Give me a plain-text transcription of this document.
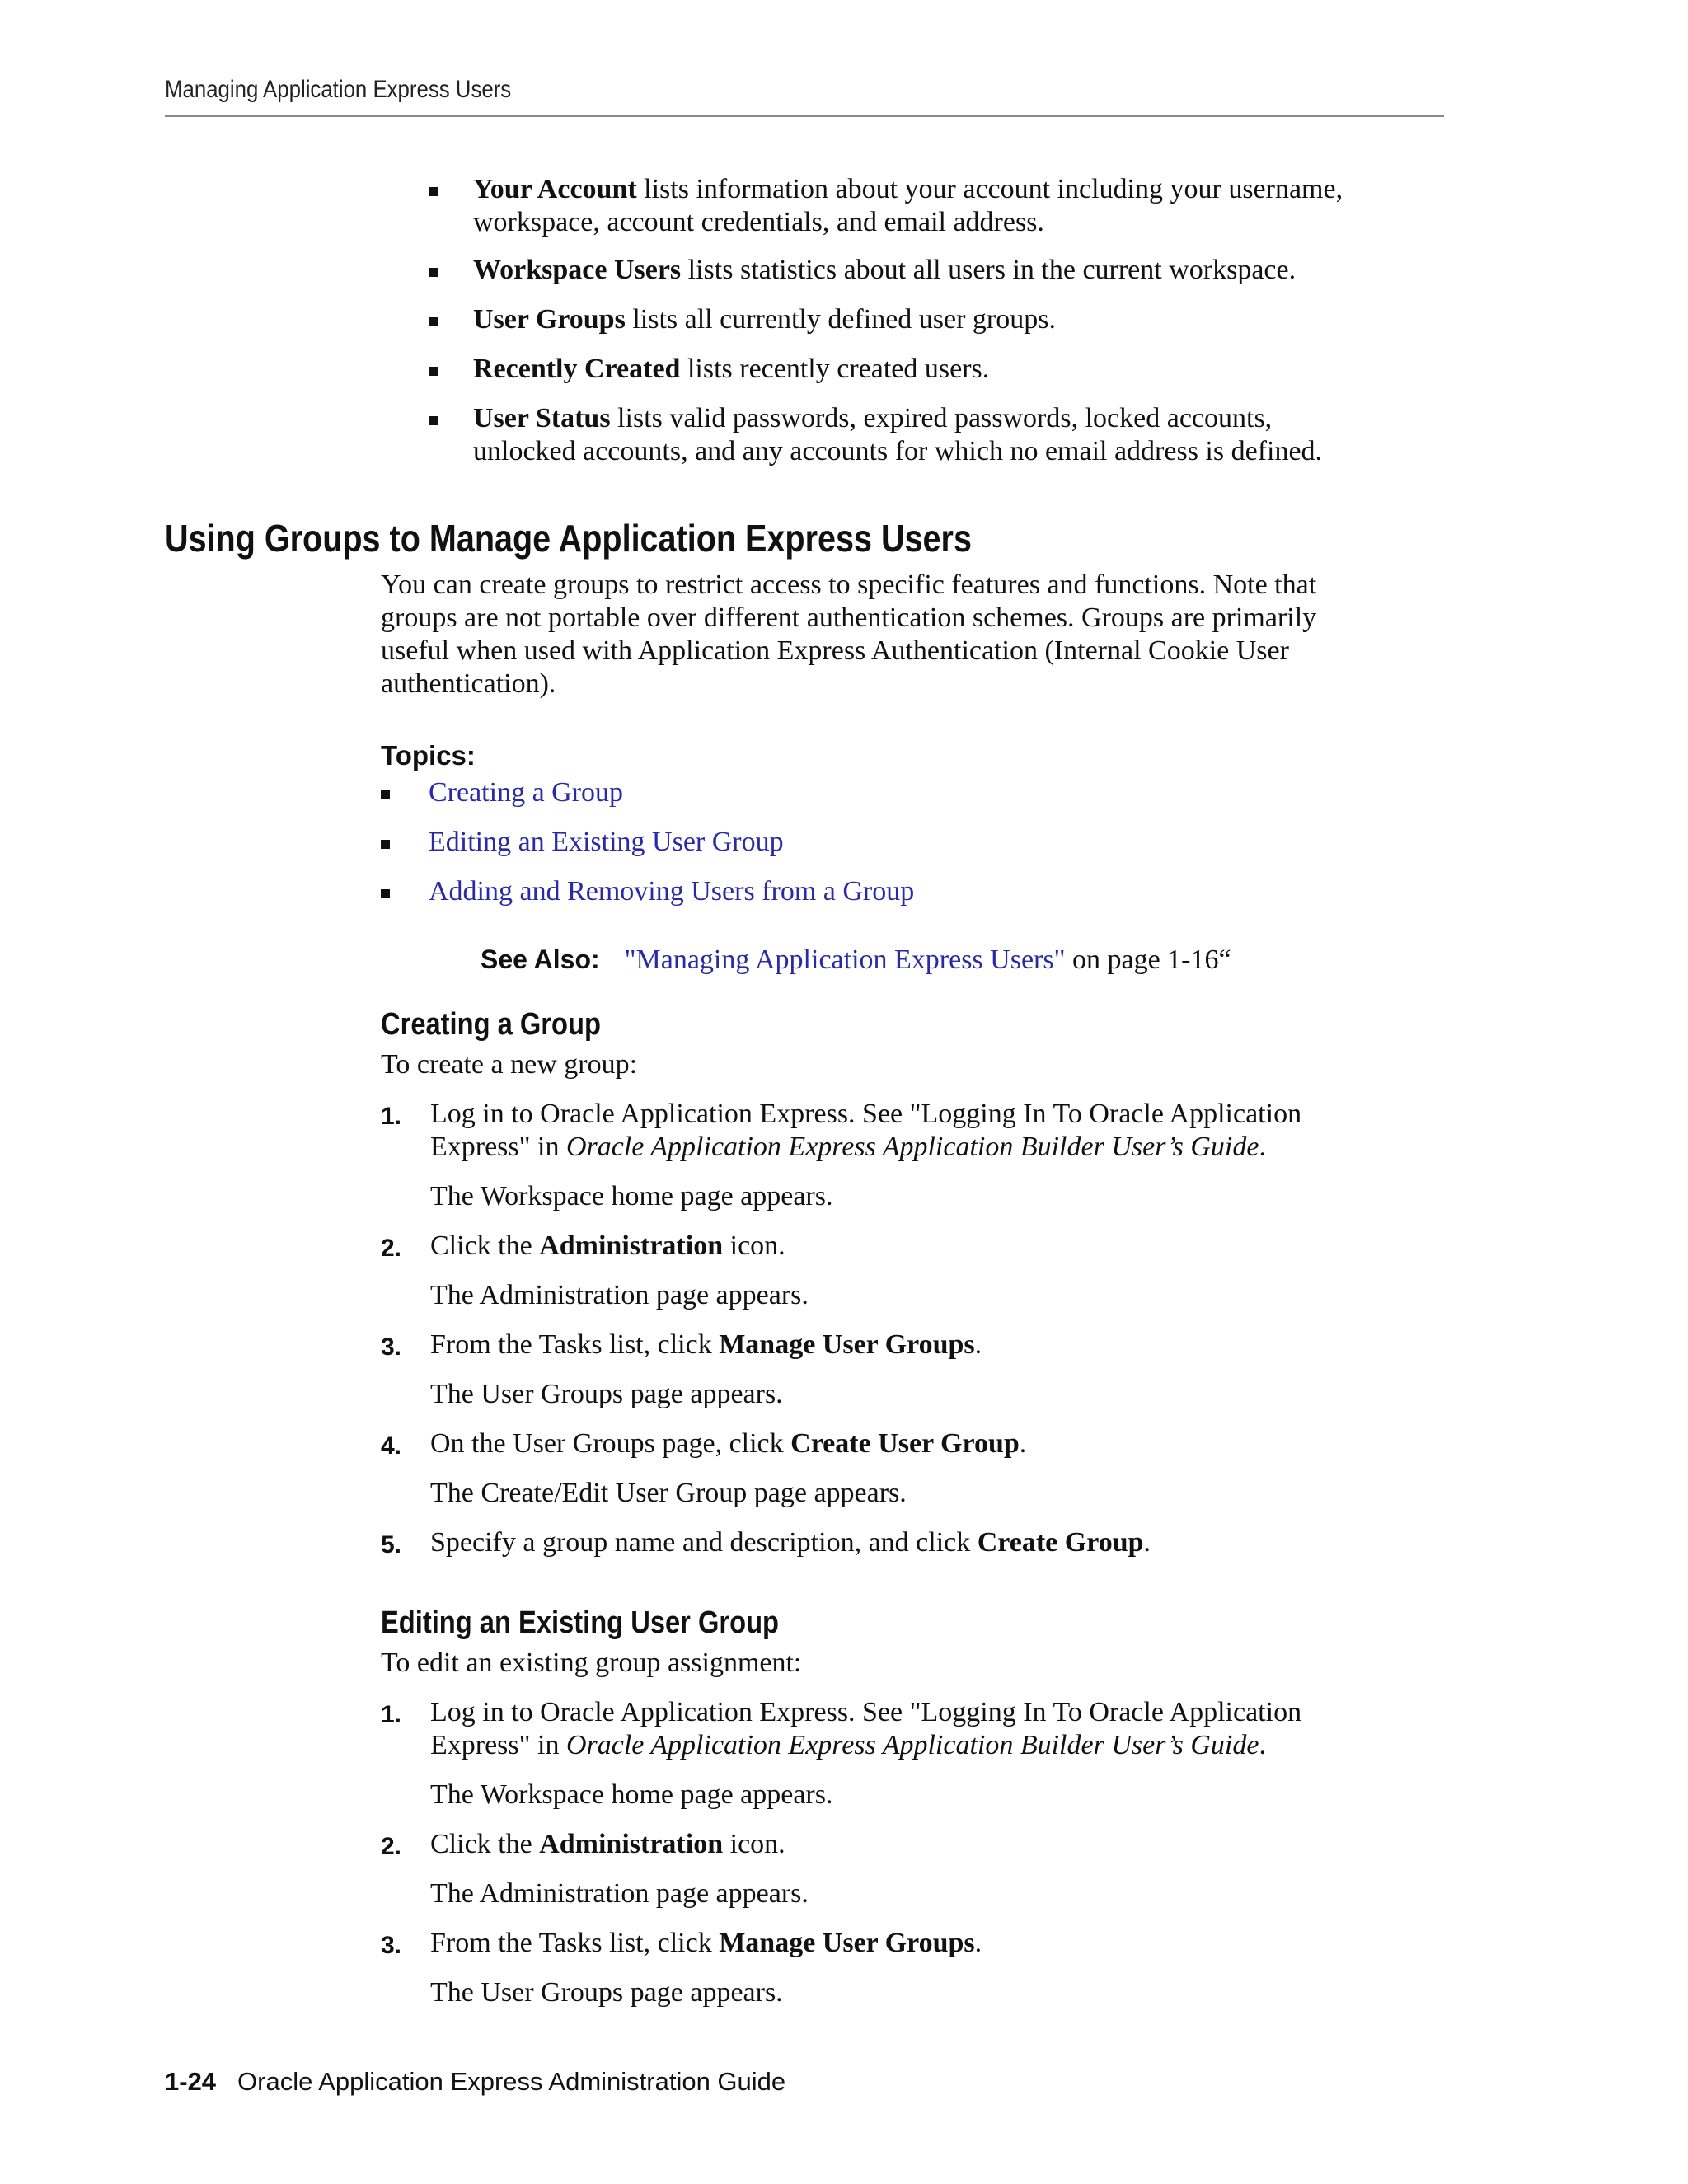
Managing Application Express Users
Your Account lists information about your account including your username,
workspace, account credentials, and email address.
Workspace Users lists statistics about all users in the current workspace.
User Groups lists all currently defined user groups.
Recently Created lists recently created users.
User Status lists valid passwords, expired passwords, locked accounts,
unlocked accounts, and any accounts for which no email address is defined.
Using Groups to Manage Application Express Users
You can create groups to restrict access to specific features and functions. Note that
groups are not portable over different authentication schemes. Groups are primarily
useful when used with Application Express Authentication (Internal Cookie User
authentication).
Topics:
Creating a Group
Editing an Existing User Group
Adding and Removing Users from a Group
See Also: "Managing Application Express Users" on page 1-16“
Creating a Group
To create a new group:
1. Log in to Oracle Application Express. See "Logging In To Oracle Application
Express" in Oracle Application Express Application Builder User’s Guide.
The Workspace home page appears.
2. Click the Administration icon.
The Administration page appears.
3. From the Tasks list, click Manage User Groups.
The User Groups page appears.
4. On the User Groups page, click Create User Group.
The Create/Edit User Group page appears.
5. Specify a group name and description, and click Create Group.
Editing an Existing User Group
To edit an existing group assignment:
1. Log in to Oracle Application Express. See "Logging In To Oracle Application
Express" in Oracle Application Express Application Builder User’s Guide.
The Workspace home page appears.
2. Click the Administration icon.
The Administration page appears.
3. From the Tasks list, click Manage User Groups.
The User Groups page appears.
1-24 Oracle Application Express Administration Guide
